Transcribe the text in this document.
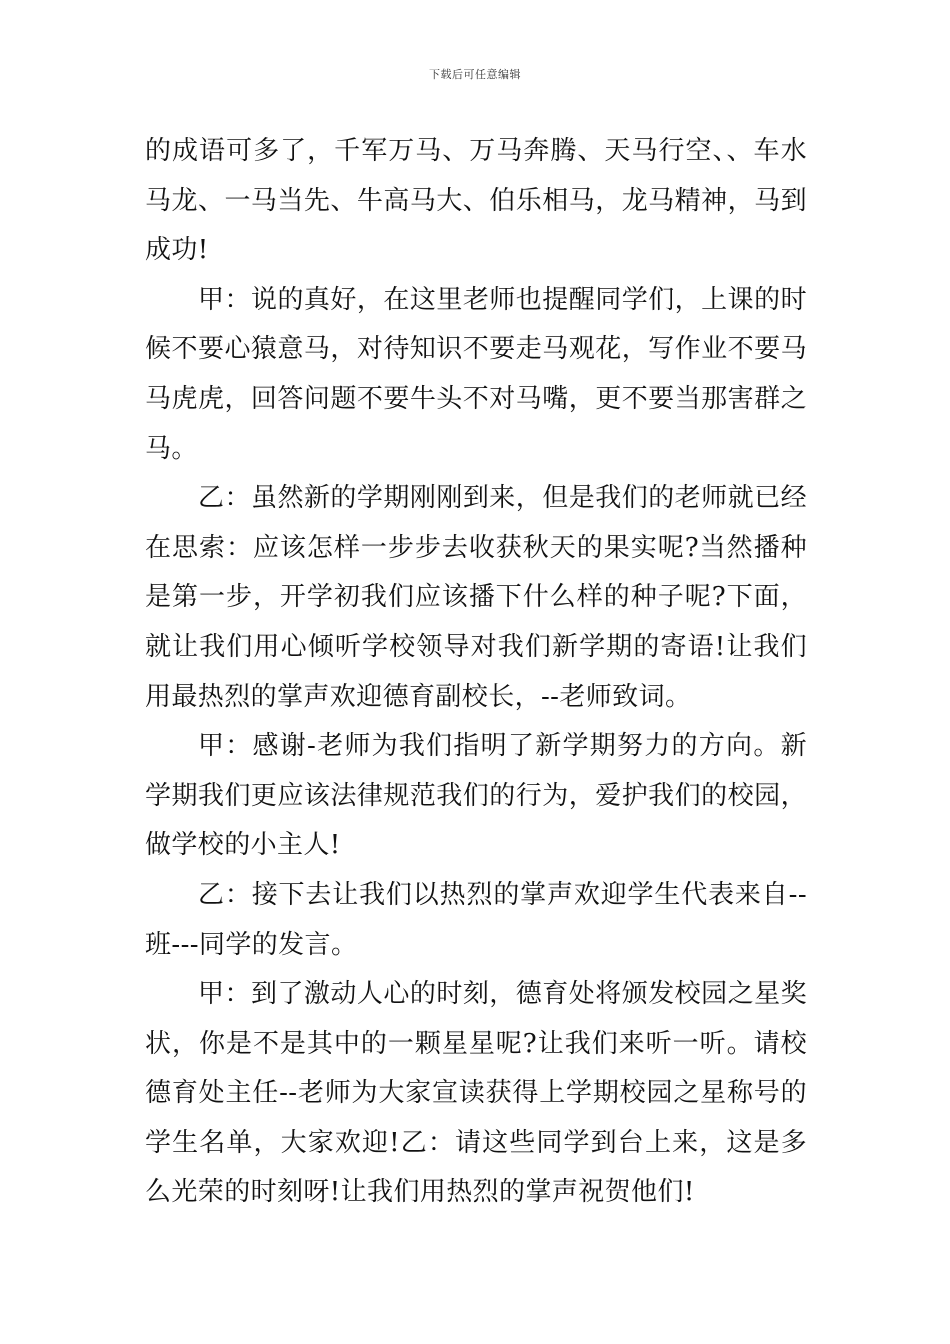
下载后可任意编辑

的成语可多了，千军万马、万马奔腾、天马行空、、车水马龙、一马当先、牛高马大、伯乐相马，龙马精神，马到成功!

甲：说的真好，在这里老师也提醒同学们，上课的时候不要心猿意马，对待知识不要走马观花，写作业不要马马虎虎，回答问题不要牛头不对马嘴，更不要当那害群之马。

乙：虽然新的学期刚刚到来，但是我们的老师就已经在思索：应该怎样一步步去收获秋天的果实呢?当然播种是第一步，开学初我们应该播下什么样的种子呢?下面，就让我们用心倾听学校领导对我们新学期的寄语!让我们用最热烈的掌声欢迎德育副校长，--老师致词。

甲：感谢-老师为我们指明了新学期努力的方向。新学期我们更应该法律规范我们的行为，爱护我们的校园，做学校的小主人!

乙：接下去让我们以热烈的掌声欢迎学生代表来自--班---同学的发言。

甲：到了激动人心的时刻，德育处将颁发校园之星奖状，你是不是其中的一颗星星呢?让我们来听一听。请校德育处主任--老师为大家宣读获得上学期校园之星称号的学生名单，大家欢迎!乙：请这些同学到台上来，这是多么光荣的时刻呀!让我们用热烈的掌声祝贺他们!
